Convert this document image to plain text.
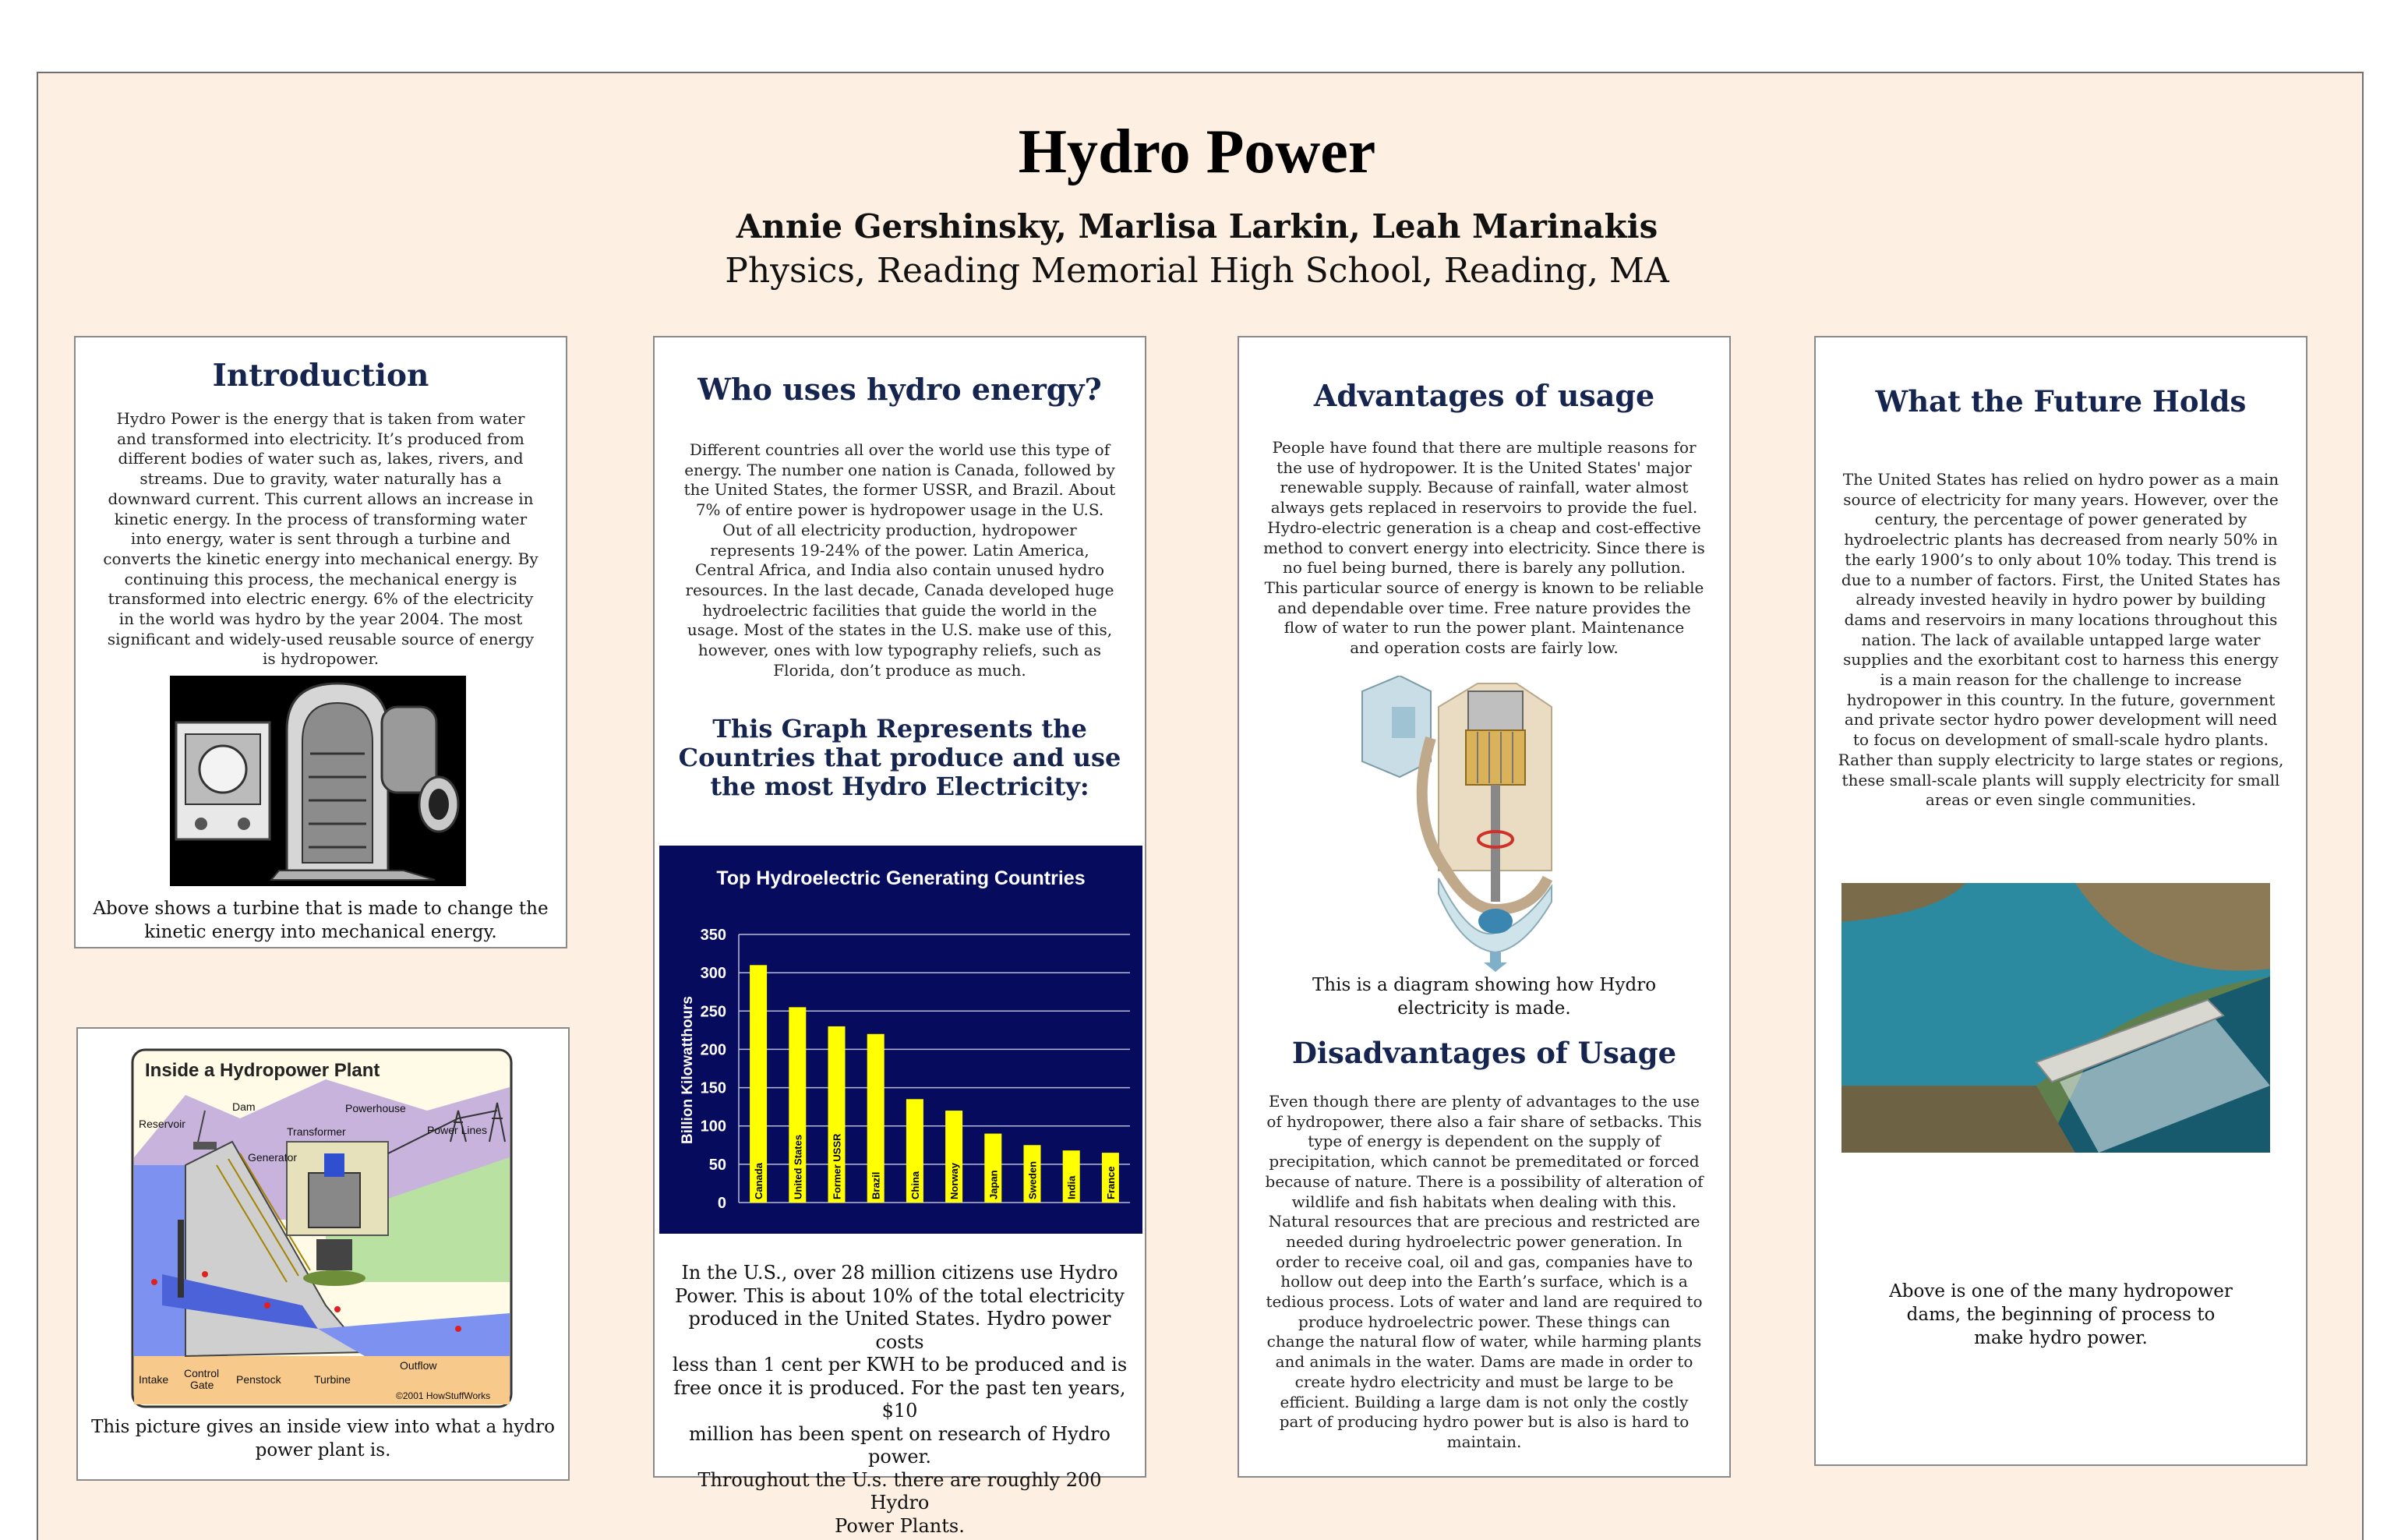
Hydro Power
Annie Gershinsky, Marlisa Larkin, Leah Marinakis
Physics, Reading Memorial High School, Reading, MA
Introduction
Hydro Power is the energy that is taken from water
and transformed into electricity. It’s produced from
different bodies of water such as, lakes, rivers, and
streams. Due to gravity, water naturally has a
downward current. This current allows an increase in
kinetic energy. In the process of transforming water
into energy, water is sent through a turbine and
converts the kinetic energy into mechanical energy. By
continuing this process, the mechanical energy is
transformed into electric energy. 6% of the electricity
in the world was hydro by the year 2004. The most
significant and widely-used reusable source of energy
is hydropower.
Above shows a turbine that is made to change the
kinetic energy into mechanical energy.
Inside a Hydropower Plant
Reservoir
Dam	Powerhouse
Transformer	Power Lines
Generator
Intake Control
Gate Penstock	Turbine
Outflow
©2001 HowStuffWorks
This picture gives an inside view into what a hydro
power plant is.
Who uses hydro energy?
Different countries all over the world use this type of
energy. The number one nation is Canada, followed by
the United States, the former USSR, and Brazil. About
7% of entire power is hydropower usage in the U.S.
Out of all electricity production, hydropower
represents 19-24% of the power. Latin America,
Central Africa, and India also contain unused hydro
resources. In the last decade, Canada developed huge
hydroelectric facilities that guide the world in the
usage. Most of the states in the U.S. make use of this,
however, ones with low typography reliefs, such as
Florida, don’t produce as much.
This Graph Represents the
Countries that produce and use
the most Hydro Electricity:
Top Hydroelectric Generating Countries
Billion Kilowatthours
0
50
100
150
200
250
300
350
Canada	United States	Former USSR	Brazil	China	Norway	Japan	Sweden	India	France
In the U.S., over 28 million citizens use Hydro
Power. This is about 10% of the total electricity
produced in the United States. Hydro power costs
less than 1 cent per KWH to be produced and is
free once it is produced. For the past ten years, $10
million has been spent on research of Hydro power.
Throughout the U.s. there are roughly 200 Hydro
Power Plants.
Advantages of usage
People have found that there are multiple reasons for
the use of hydropower. It is the United States' major
renewable supply. Because of rainfall, water almost
always gets replaced in reservoirs to provide the fuel.
Hydro-electric generation is a cheap and cost-effective
method to convert energy into electricity. Since there is
no fuel being burned, there is barely any pollution.
This particular source of energy is known to be reliable
and dependable over time. Free nature provides the
flow of water to run the power plant. Maintenance
and operation costs are fairly low.
This is a diagram showing how Hydro
electricity is made.
Disadvantages of Usage
Even though there are plenty of advantages to the use
of hydropower, there also a fair share of setbacks. This
type of energy is dependent on the supply of
precipitation, which cannot be premeditated or forced
because of nature. There is a possibility of alteration of
wildlife and fish habitats when dealing with this.
Natural resources that are precious and restricted are
needed during hydroelectric power generation. In
order to receive coal, oil and gas, companies have to
hollow out deep into the Earth’s surface, which is a
tedious process. Lots of water and land are required to
produce hydroelectric power. These things can
change the natural flow of water, while harming plants
and animals in the water. Dams are made in order to
create hydro electricity and must be large to be
efficient. Building a large dam is not only the costly
part of producing hydro power but is also is hard to
maintain.
What the Future Holds
The United States has relied on hydro power as a main
source of electricity for many years. However, over the
century, the percentage of power generated by
hydroelectric plants has decreased from nearly 50% in
the early 1900’s to only about 10% today. This trend is
due to a number of factors. First, the United States has
already invested heavily in hydro power by building
dams and reservoirs in many locations throughout this
nation. The lack of available untapped large water
supplies and the exorbitant cost to harness this energy
is a main reason for the challenge to increase
hydropower in this country. In the future, government
and private sector hydro power development will need
to focus on development of small-scale hydro plants.
Rather than supply electricity to large states or regions,
these small-scale plants will supply electricity for small
areas or even single communities.
Above is one of the many hydropower
dams, the beginning of process to
make hydro power.
